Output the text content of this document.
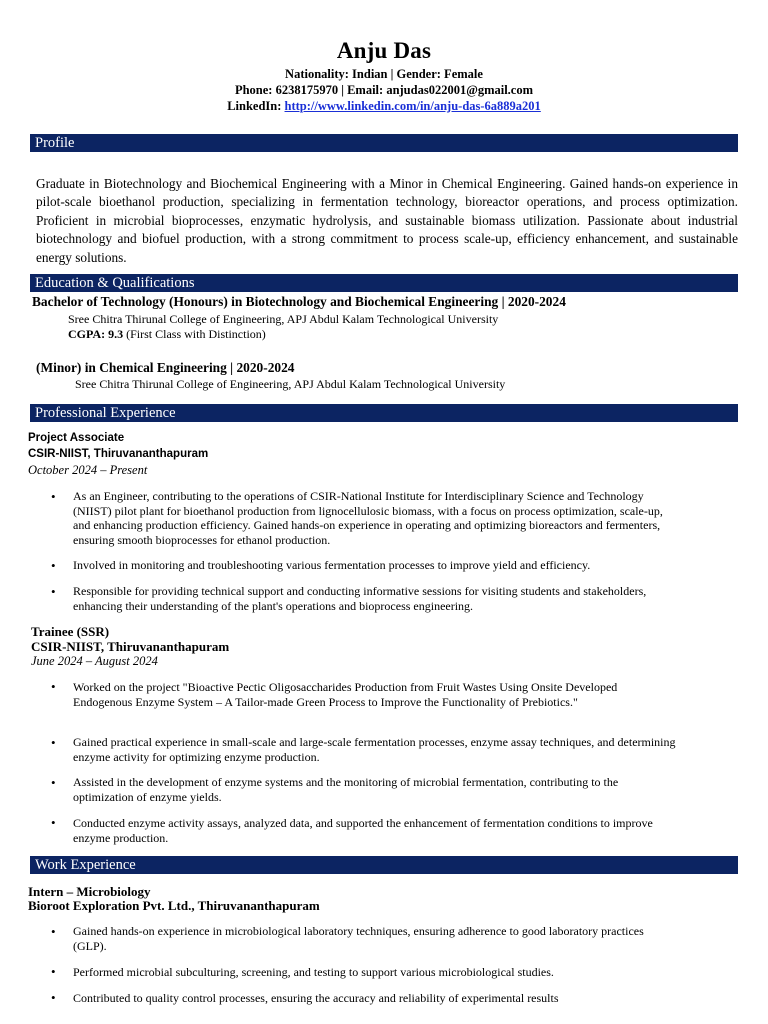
Anju Das
Nationality: Indian | Gender: Female
Phone: 6238175970 | Email: anjudas022001@gmail.com
LinkedIn: http://www.linkedin.com/in/anju-das-6a889a201
Profile
Graduate in Biotechnology and Biochemical Engineering with a Minor in Chemical Engineering. Gained hands-on experience in pilot-scale bioethanol production, specializing in fermentation technology, bioreactor operations, and process optimization. Proficient in microbial bioprocesses, enzymatic hydrolysis, and sustainable biomass utilization. Passionate about industrial biotechnology and biofuel production, with a strong commitment to process scale-up, efficiency enhancement, and sustainable energy solutions.
Education & Qualifications
Bachelor of Technology (Honours) in Biotechnology and Biochemical Engineering | 2020-2024
Sree Chitra Thirunal College of Engineering, APJ Abdul Kalam Technological University
CGPA: 9.3 (First Class with Distinction)
(Minor) in Chemical Engineering | 2020-2024
Sree Chitra Thirunal College of Engineering, APJ Abdul Kalam Technological University
Professional Experience
Project Associate
CSIR-NIIST, Thiruvananthapuram
October 2024 – Present
• As an Engineer, contributing to the operations of CSIR-National Institute for Interdisciplinary Science and Technology (NIIST) pilot plant for bioethanol production from lignocellulosic biomass, with a focus on process optimization, scale-up, and enhancing production efficiency. Gained hands-on experience in operating and optimizing bioreactors and fermenters, ensuring smooth bioprocesses for ethanol production.
• Involved in monitoring and troubleshooting various fermentation processes to improve yield and efficiency.
• Responsible for providing technical support and conducting informative sessions for visiting students and stakeholders, enhancing their understanding of the plant's operations and bioprocess engineering.
Trainee (SSR)
CSIR-NIIST, Thiruvananthapuram
June 2024 – August 2024
• Worked on the project "Bioactive Pectic Oligosaccharides Production from Fruit Wastes Using Onsite Developed Endogenous Enzyme System – A Tailor-made Green Process to Improve the Functionality of Prebiotics."
• Gained practical experience in small-scale and large-scale fermentation processes, enzyme assay techniques, and determining enzyme activity for optimizing enzyme production.
• Assisted in the development of enzyme systems and the monitoring of microbial fermentation, contributing to the optimization of enzyme yields.
• Conducted enzyme activity assays, analyzed data, and supported the enhancement of fermentation conditions to improve enzyme production.
Work Experience
Intern – Microbiology
Bioroot Exploration Pvt. Ltd., Thiruvananthapuram
• Gained hands-on experience in microbiological laboratory techniques, ensuring adherence to good laboratory practices (GLP).
• Performed microbial subculturing, screening, and testing to support various microbiological studies.
• Contributed to quality control processes, ensuring the accuracy and reliability of experimental results
